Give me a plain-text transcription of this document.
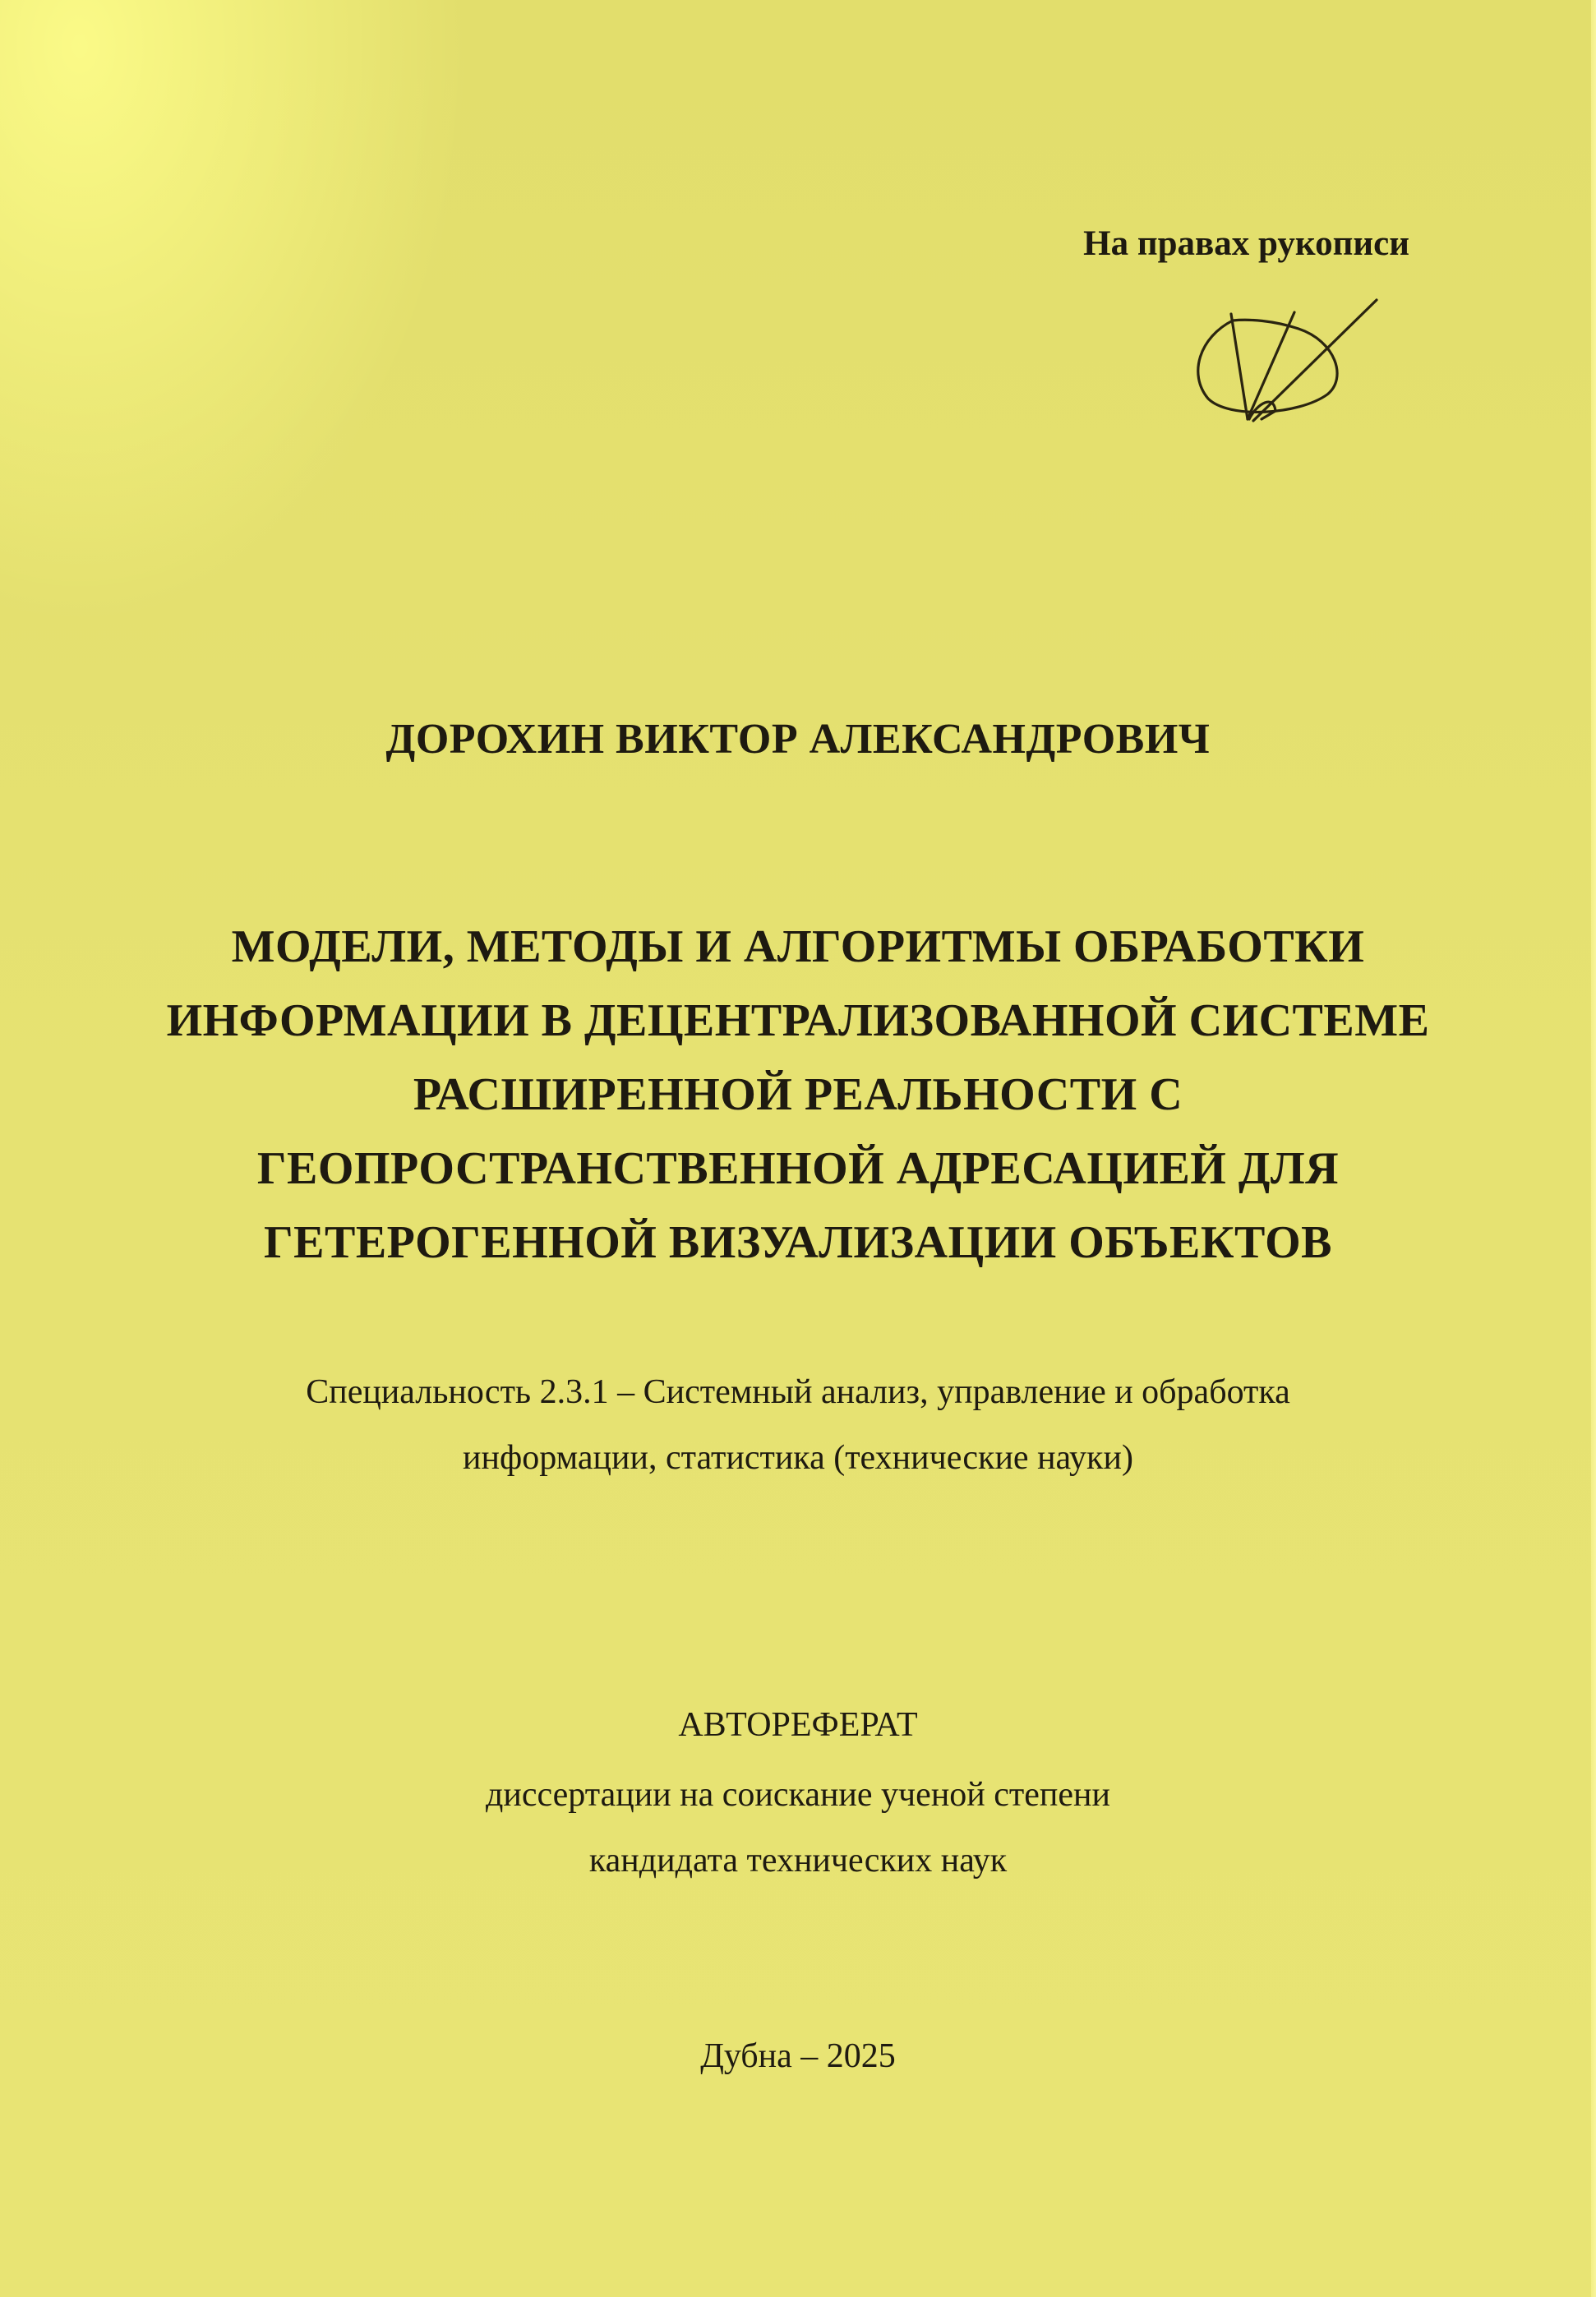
На правах рукописи
ДОРОХИН ВИКТОР АЛЕКСАНДРОВИЧ
МОДЕЛИ, МЕТОДЫ И АЛГОРИТМЫ ОБРАБОТКИ
ИНФОРМАЦИИ В ДЕЦЕНТРАЛИЗОВАННОЙ СИСТЕМЕ
РАСШИРЕННОЙ РЕАЛЬНОСТИ С
ГЕОПРОСТРАНСТВЕННОЙ АДРЕСАЦИЕЙ ДЛЯ
ГЕТЕРОГЕННОЙ ВИЗУАЛИЗАЦИИ ОБЪЕКТОВ
Специальность 2.3.1 – Системный анализ, управление и обработка
информации, статистика (технические науки)
АВТОРЕФЕРАТ
диссертации на соискание ученой степени
кандидата технических наук
Дубна – 2025
